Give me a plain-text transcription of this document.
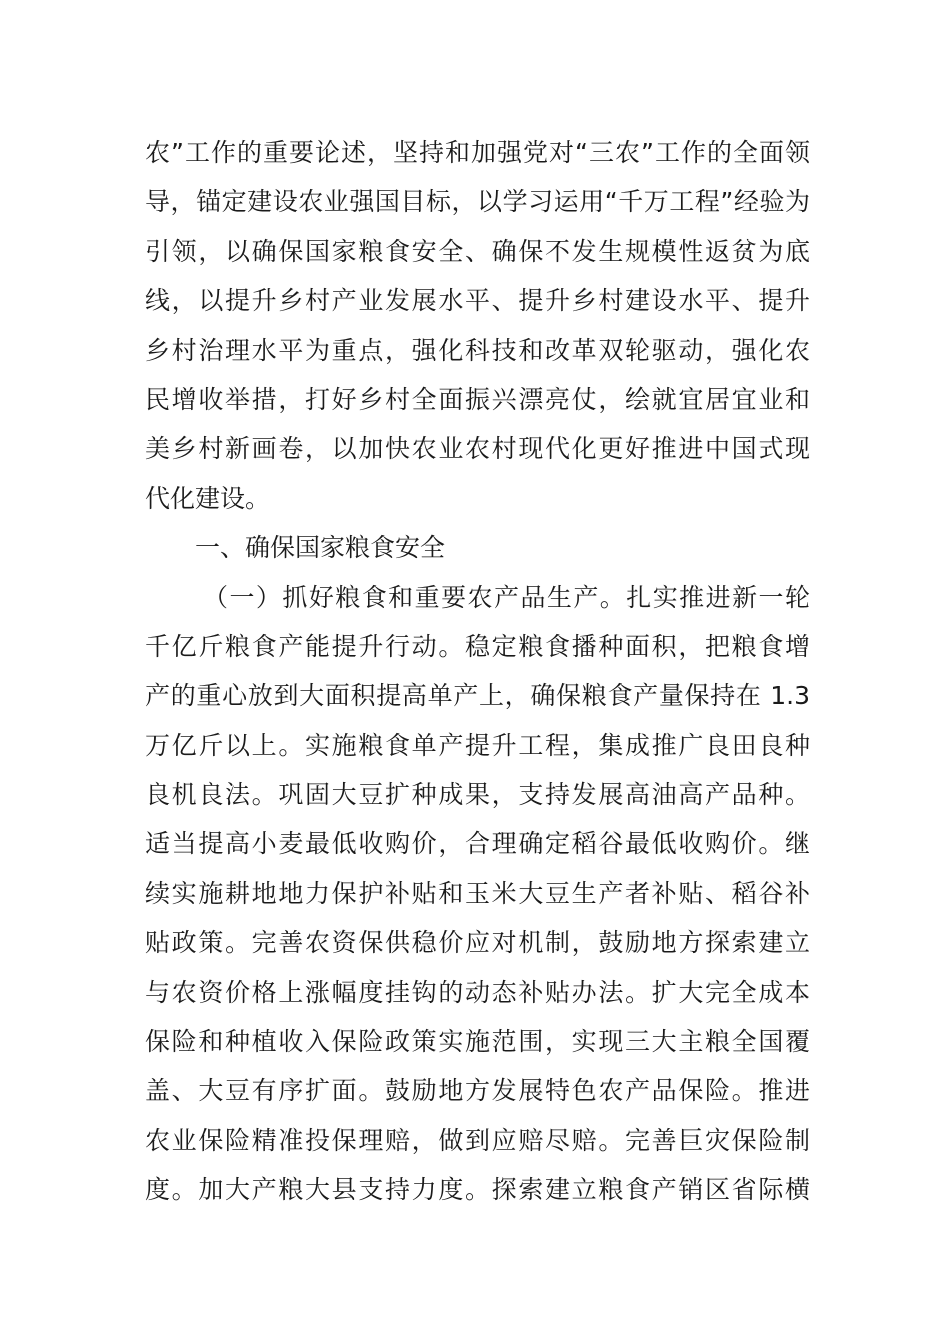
农”工作的重要论述，坚持和加强党对“三农”工作的全面领
导，锚定建设农业强国目标，以学习运用“千万工程”经验为
引领，以确保国家粮食安全、确保不发生规模性返贫为底
线，以提升乡村产业发展水平、提升乡村建设水平、提升
乡村治理水平为重点，强化科技和改革双轮驱动，强化农
民增收举措，打好乡村全面振兴漂亮仗，绘就宜居宜业和
美乡村新画卷，以加快农业农村现代化更好推进中国式现
代化建设。
一、确保国家粮食安全
（一）抓好粮食和重要农产品生产。扎实推进新一轮
千亿斤粮食产能提升行动。稳定粮食播种面积，把粮食增
产的重心放到大面积提高单产上，确保粮食产量保持在 1.3
万亿斤以上。实施粮食单产提升工程，集成推广良田良种
良机良法。巩固大豆扩种成果，支持发展高油高产品种。
适当提高小麦最低收购价，合理确定稻谷最低收购价。继
续实施耕地地力保护补贴和玉米大豆生产者补贴、稻谷补
贴政策。完善农资保供稳价应对机制，鼓励地方探索建立
与农资价格上涨幅度挂钩的动态补贴办法。扩大完全成本
保险和种植收入保险政策实施范围，实现三大主粮全国覆
盖、大豆有序扩面。鼓励地方发展特色农产品保险。推进
农业保险精准投保理赔，做到应赔尽赔。完善巨灾保险制
度。加大产粮大县支持力度。探索建立粮食产销区省际横
